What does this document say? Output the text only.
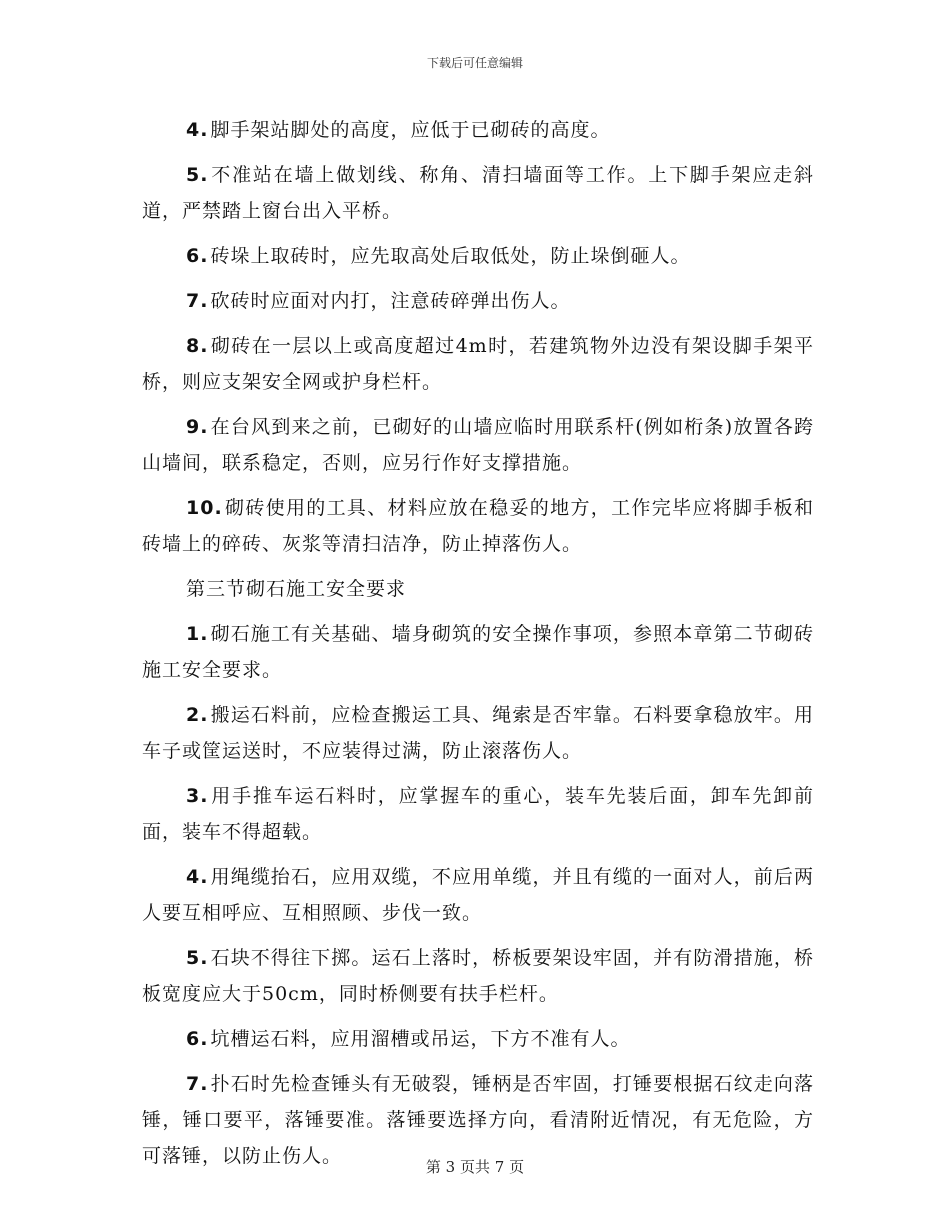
下载后可任意编辑

4. 脚手架站脚处的高度，应低于已砌砖的高度。

5. 不准站在墙上做划线、称角、清扫墙面等工作。上下脚手架应走斜道，严禁踏上窗台出入平桥。

6. 砖垛上取砖时，应先取高处后取低处，防止垛倒砸人。

7. 砍砖时应面对内打，注意砖碎弹出伤人。

8. 砌砖在一层以上或高度超过4m时，若建筑物外边没有架设脚手架平桥，则应支架安全网或护身栏杆。

9. 在台风到来之前，已砌好的山墙应临时用联系杆(例如桁条)放置各跨山墙间，联系稳定，否则，应另行作好支撑措施。

10. 砌砖使用的工具、材料应放在稳妥的地方，工作完毕应将脚手板和砖墙上的碎砖、灰浆等清扫洁净，防止掉落伤人。

第三节砌石施工安全要求

1. 砌石施工有关基础、墙身砌筑的安全操作事项，参照本章第二节砌砖施工安全要求。

2. 搬运石料前，应检查搬运工具、绳索是否牢靠。石料要拿稳放牢。用车子或筐运送时，不应装得过满，防止滚落伤人。

3. 用手推车运石料时，应掌握车的重心，装车先装后面，卸车先卸前面，装车不得超载。

4. 用绳缆抬石，应用双缆，不应用单缆，并且有缆的一面对人，前后两人要互相呼应、互相照顾、步伐一致。

5. 石块不得往下掷。运石上落时，桥板要架设牢固，并有防滑措施，桥板宽度应大于50cm，同时桥侧要有扶手栏杆。

6. 坑槽运石料，应用溜槽或吊运，下方不准有人。

7. 扑石时先检查锤头有无破裂，锤柄是否牢固，打锤要根据石纹走向落锤，锤口要平，落锤要准。落锤要选择方向，看清附近情况，有无危险，方可落锤，以防止伤人。	第 3 页共 7 页
